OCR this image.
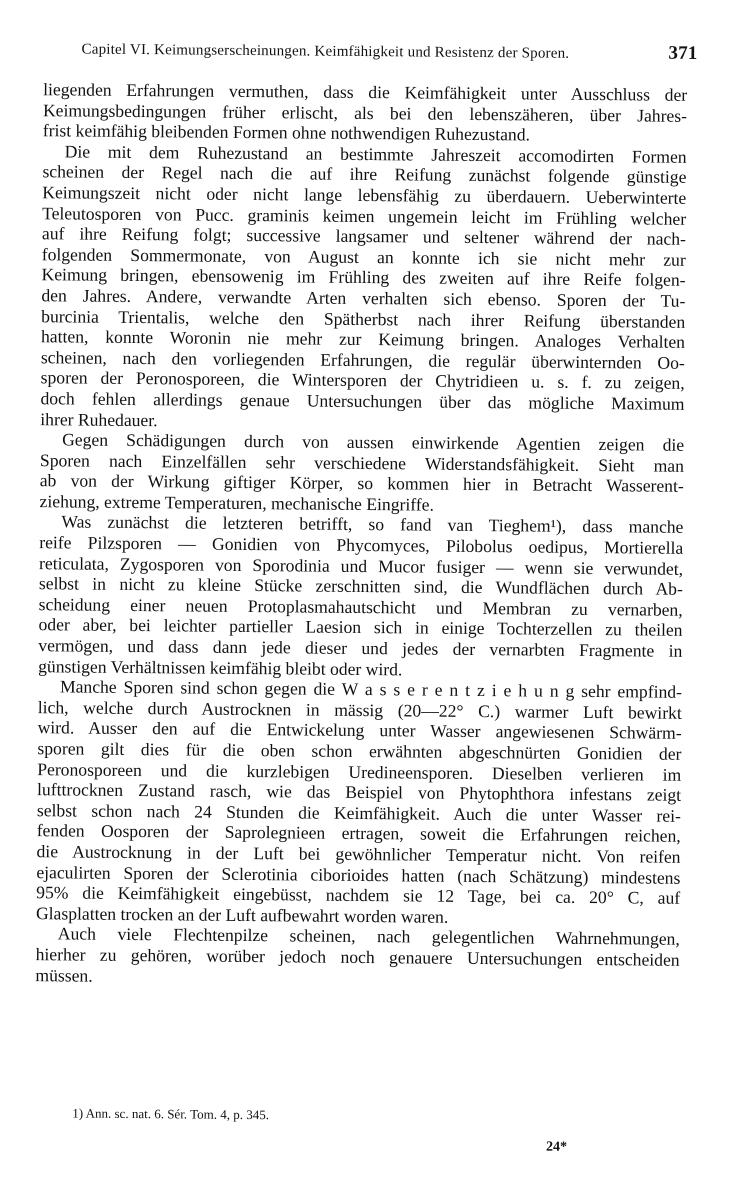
Capitel VI. Keimungserscheinungen. Keimfähigkeit und Resistenz der Sporen.	371
liegenden Erfahrungen vermuthen, dass die Keimfähigkeit unter Ausschluss der
Keimungsbedingungen früher erlischt, als bei den lebenszäheren, über Jahres-
frist keimfähig bleibenden Formen ohne nothwendigen Ruhezustand.
Die mit dem Ruhezustand an bestimmte Jahreszeit accomodirten Formen
scheinen der Regel nach die auf ihre Reifung zunächst folgende günstige
Keimungszeit nicht oder nicht lange lebensfähig zu überdauern. Ueberwinterte
Teleutosporen von Pucc. graminis keimen ungemein leicht im Frühling welcher
auf ihre Reifung folgt; successive langsamer und seltener während der nach-
folgenden Sommermonate, von August an konnte ich sie nicht mehr zur
Keimung bringen, ebensowenig im Frühling des zweiten auf ihre Reife folgen-
den Jahres. Andere, verwandte Arten verhalten sich ebenso. Sporen der Tu-
burcinia Trientalis, welche den Spätherbst nach ihrer Reifung überstanden
hatten, konnte Woronin nie mehr zur Keimung bringen. Analoges Verhalten
scheinen, nach den vorliegenden Erfahrungen, die regulär überwinternden Oo-
sporen der Peronosporeen, die Wintersporen der Chytridieen u. s. f. zu zeigen,
doch fehlen allerdings genaue Untersuchungen über das mögliche Maximum
ihrer Ruhedauer.
Gegen Schädigungen durch von aussen einwirkende Agentien zeigen die
Sporen nach Einzelfällen sehr verschiedene Widerstandsfähigkeit. Sieht man
ab von der Wirkung giftiger Körper, so kommen hier in Betracht Wasserent-
ziehung, extreme Temperaturen, mechanische Eingriffe.
Was zunächst die letzteren betrifft, so fand van Tieghem¹), dass manche
reife Pilzsporen — Gonidien von Phycomyces, Pilobolus oedipus, Mortierella
reticulata, Zygosporen von Sporodinia und Mucor fusiger — wenn sie verwundet,
selbst in nicht zu kleine Stücke zerschnitten sind, die Wundflächen durch Ab-
scheidung einer neuen Protoplasmahautschicht und Membran zu vernarben,
oder aber, bei leichter partieller Laesion sich in einige Tochterzellen zu theilen
vermögen, und dass dann jede dieser und jedes der vernarbten Fragmente in
günstigen Verhältnissen keimfähig bleibt oder wird.
Manche Sporen sind schon gegen die W a s s e r e n t z i e h u n g sehr empfind-
lich, welche durch Austrocknen in mässig (20—22° C.) warmer Luft bewirkt
wird. Ausser den auf die Entwickelung unter Wasser angewiesenen Schwärm-
sporen gilt dies für die oben schon erwähnten abgeschnürten Gonidien der
Peronosporeen und die kurzlebigen Uredineensporen. Dieselben verlieren im
lufttrocknen Zustand rasch, wie das Beispiel von Phytophthora infestans zeigt
selbst schon nach 24 Stunden die Keimfähigkeit. Auch die unter Wasser rei-
fenden Oosporen der Saprolegnieen ertragen, soweit die Erfahrungen reichen,
die Austrocknung in der Luft bei gewöhnlicher Temperatur nicht. Von reifen
ejaculirten Sporen der Sclerotinia ciborioides hatten (nach Schätzung) mindestens
95% die Keimfähigkeit eingebüsst, nachdem sie 12 Tage, bei ca. 20° C, auf
Glasplatten trocken an der Luft aufbewahrt worden waren.
Auch viele Flechtenpilze scheinen, nach gelegentlichen Wahrnehmungen,
hierher zu gehören, worüber jedoch noch genauere Untersuchungen entscheiden
müssen.
1) Ann. sc. nat. 6. Sér. Tom. 4, p. 345.
24*
